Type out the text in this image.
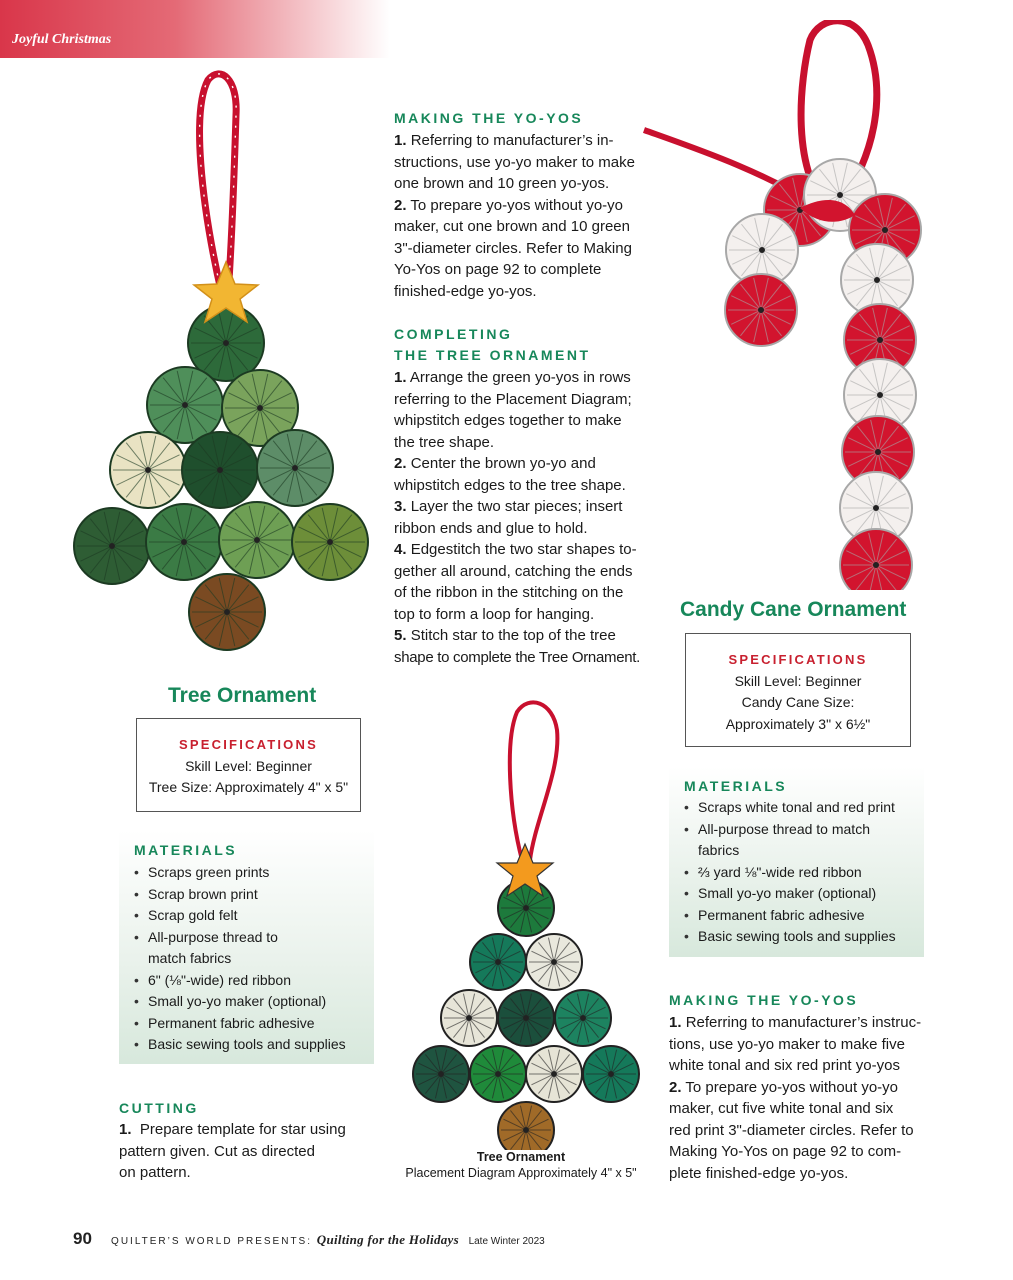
Joyful Christmas
MAKING THE YO-YOS

1. Referring to manufacturer’s in-

structions, use yo-yo maker to make

one brown and 10 green yo-yos.

2. To prepare yo-yos without yo-yo

maker, cut one brown and 10 green

3"-diameter circles. Refer to Making

Yo-Yos on page 92 to complete

finished-edge yo-yos.

COMPLETING
THE TREE ORNAMENT

1. Arrange the green yo-yos in rows

referring to the Placement Diagram;

whipstitch edges together to make

the tree shape.

2. Center the brown yo-yo and

whipstitch edges to the tree shape.

3. Layer the two star pieces; insert

ribbon ends and glue to hold.

4. Edgestitch the two star shapes to-

gether all around, catching the ends

of the ribbon in the stitching on the

top to form a loop for hanging.

5. Stitch star to the top of the tree

shape to complete the Tree Ornament.

Candy Cane Ornament
SPECIFICATIONS
Skill Level: Beginner
Candy Cane Size:
Approximately 3" x 6½"
Tree Ornament
SPECIFICATIONS
Skill Level: Beginner
Tree Size: Approximately 4" x 5"
MATERIALS
• Scraps green prints
• Scrap brown print
• Scrap gold felt
• All-purpose thread to match fabrics
• 6" (⅛"-wide) red ribbon
• Small yo-yo maker (optional)
• Permanent fabric adhesive
• Basic sewing tools and supplies
MATERIALS
• Scraps white tonal and red print
• All-purpose thread to match fabrics
• ⅔ yard ⅛"-wide red ribbon
• Small yo-yo maker (optional)
• Permanent fabric adhesive
• Basic sewing tools and supplies
Tree Ornament
Placement Diagram Approximately 4" x 5"
CUTTING

1. Prepare template for star using

pattern given. Cut as directed

on pattern.

MAKING THE YO-YOS

1. Referring to manufacturer’s instruc-

tions, use yo-yo maker to make five

white tonal and six red print yo-yos

2. To prepare yo-yos without yo-yo

maker, cut five white tonal and six

red print 3"-diameter circles. Refer to

Making Yo-Yos on page 92 to com-

plete finished-edge yo-yos.

90 QUILTER’S WORLD PRESENTS: Quilting for the Holidays Late Winter 2023
